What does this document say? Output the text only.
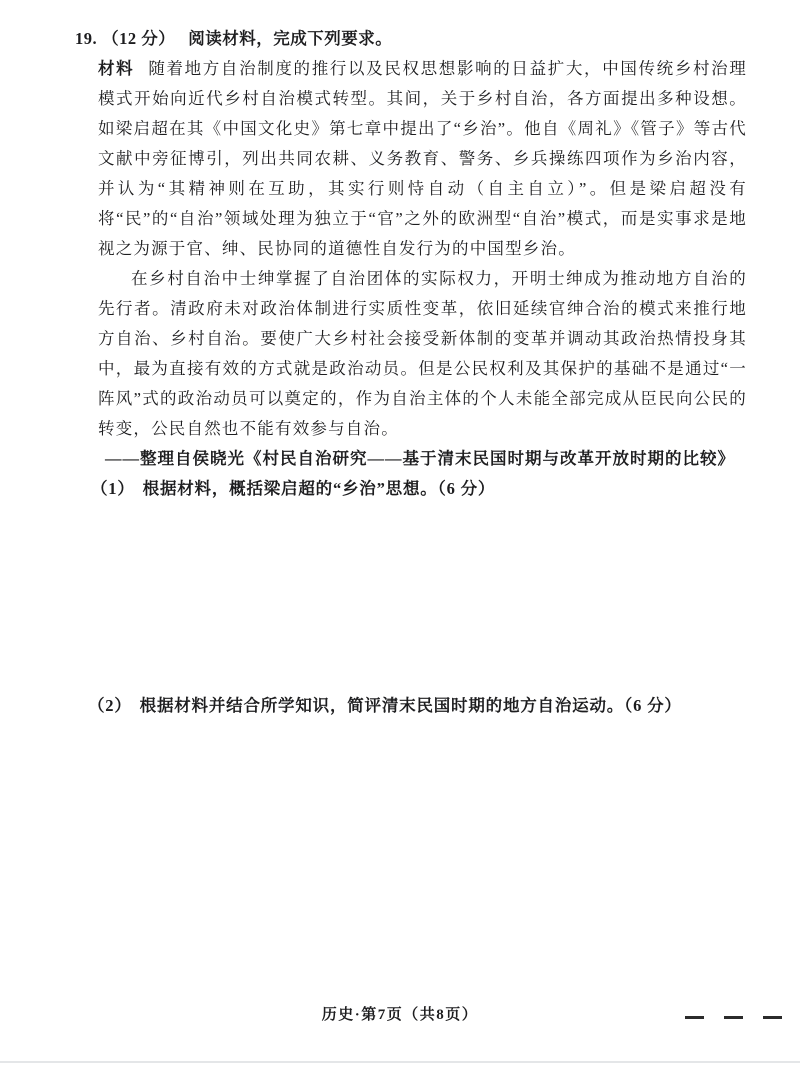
19. （12 分） 阅读材料，完成下列要求。

材料 随着地方自治制度的推行以及民权思想影响的日益扩大，中国传统乡村治理模式开始向近代乡村自治模式转型。其间，关于乡村自治，各方面提出多种设想。如梁启超在其《中国文化史》第七章中提出了“乡治”。他自《周礼》《管子》等古代文献中旁征博引，列出共同农耕、义务教育、警务、乡兵操练四项作为乡治内容，并认为“其精神则在互助，其实行则恃自动（自主自立）”。但是梁启超没有将“民”的“自治”领域处理为独立于“官”之外的欧洲型“自治”模式，而是实事求是地视之为源于官、绅、民协同的道德性自发行为的中国型乡治。

在乡村自治中士绅掌握了自治团体的实际权力，开明士绅成为推动地方自治的先行者。清政府未对政治体制进行实质性变革，依旧延续官绅合治的模式来推行地方自治、乡村自治。要使广大乡村社会接受新体制的变革并调动其政治热情投身其中，最为直接有效的方式就是政治动员。但是公民权利及其保护的基础不是通过“一阵风”式的政治动员可以奠定的，作为自治主体的个人未能全部完成从臣民向公民的转变，公民自然也不能有效参与自治。

——整理自侯晓光《村民自治研究——基于清末民国时期与改革开放时期的比较》

（1） 根据材料，概括梁启超的“乡治”思想。（6 分）
（2） 根据材料并结合所学知识，简评清末民国时期的地方自治运动。（6 分）
历史·第7页（共8页）
